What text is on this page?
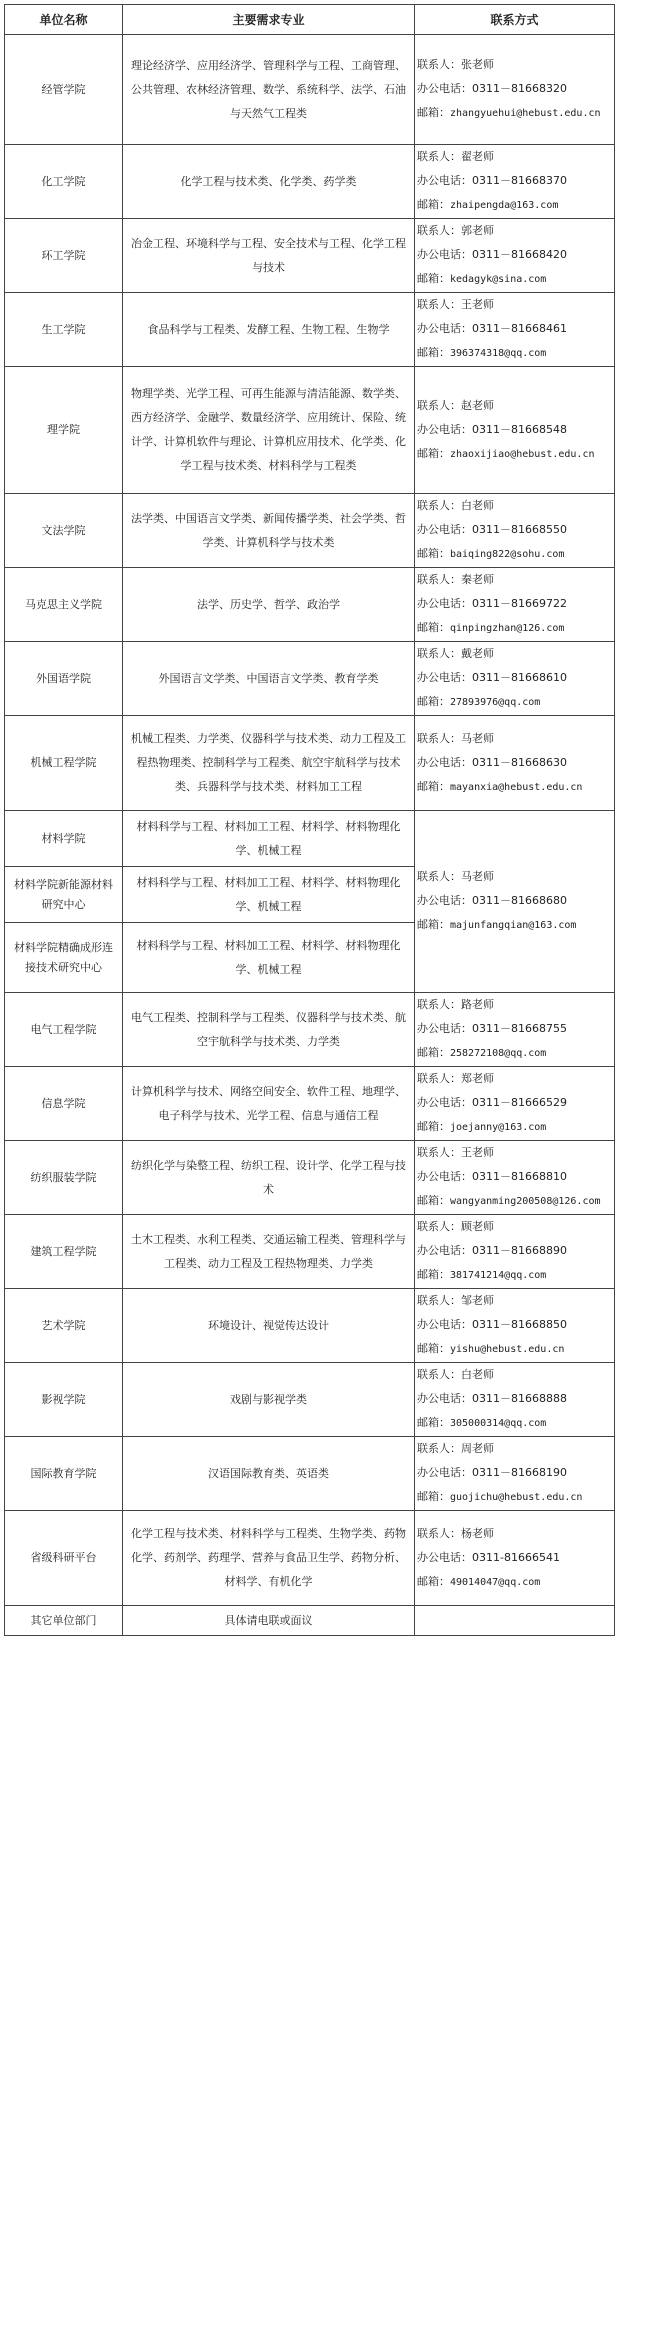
单位名称	主要需求专业	联系方式
经管学院	理论经济学、应用经济学、管理科学与工程、工商管理、公共管理、农林经济管理、数学、系统科学、法学、石油与天然气工程类	联系人：张老师
办公电话：0311－81668320
邮箱：zhangyuehui@hebust.edu.cn

化工学院	化学工程与技术类、化学类、药学类	联系人：翟老师
办公电话：0311－81668370
邮箱：zhaipengda@163.com

环工学院	冶金工程、环境科学与工程、安全技术与工程、化学工程与技术	联系人：郭老师
办公电话：0311－81668420
邮箱：kedagyk@sina.com

生工学院	食品科学与工程类、发酵工程、生物工程、生物学	联系人：王老师
办公电话：0311－81668461
邮箱：396374318@qq.com

理学院	物理学类、光学工程、可再生能源与清洁能源、数学类、西方经济学、金融学、数量经济学、应用统计、保险、统计学、计算机软件与理论、计算机应用技术、化学类、化学工程与技术类、材料科学与工程类	联系人：赵老师
办公电话：0311－81668548
邮箱：zhaoxijiao@hebust.edu.cn

文法学院	法学类、中国语言文学类、新闻传播学类、社会学类、哲学类、计算机科学与技术类	联系人：白老师
办公电话：0311－81668550
邮箱：baiqing822@sohu.com

马克思主义学院	法学、历史学、哲学、政治学	联系人：秦老师
办公电话：0311－81669722
邮箱：qinpingzhan@126.com

外国语学院	外国语言文学类、中国语言文学类、教育学类	联系人：戴老师
办公电话：0311－81668610
邮箱：27893976@qq.com

机械工程学院	机械工程类、力学类、仪器科学与技术类、动力工程及工程热物理类、控制科学与工程类、航空宇航科学与技术类、兵器科学与技术类、材料加工工程	联系人：马老师
办公电话：0311－81668630
邮箱：mayanxia@hebust.edu.cn

材料学院	材料科学与工程、材料加工工程、材料学、材料物理化学、机械工程	联系人：马老师
办公电话：0311－81668680
邮箱：majunfangqian@163.com

材料学院新能源材料研究中心	材料科学与工程、材料加工工程、材料学、材料物理化学、机械工程	
材料学院精确成形连接技术研究中心	材料科学与工程、材料加工工程、材料学、材料物理化学、机械工程	
电气工程学院	电气工程类、控制科学与工程类、仪器科学与技术类、航空宇航科学与技术类、力学类	联系人：路老师
办公电话：0311－81668755
邮箱：258272108@qq.com

信息学院	计算机科学与技术、网络空间安全、软件工程、地理学、电子科学与技术、光学工程、信息与通信工程	联系人：郑老师
办公电话：0311－81666529
邮箱：joejanny@163.com

纺织服装学院	纺织化学与染整工程、纺织工程、设计学、化学工程与技术	联系人：王老师
办公电话：0311－81668810
邮箱：wangyanming200508@126.com

建筑工程学院	土木工程类、水利工程类、交通运输工程类、管理科学与工程类、动力工程及工程热物理类、力学类	联系人：顾老师
办公电话：0311－81668890
邮箱：381741214@qq.com

艺术学院	环境设计、视觉传达设计	联系人：邹老师
办公电话：0311－81668850
邮箱：yishu@hebust.edu.cn

影视学院	戏剧与影视学类	联系人：白老师
办公电话：0311－81668888
邮箱：305000314@qq.com

国际教育学院	汉语国际教育类、英语类	联系人：周老师
办公电话：0311－81668190
邮箱：guojichu@hebust.edu.cn

省级科研平台	化学工程与技术类、材料科学与工程类、生物学类、药物化学、药剂学、药理学、营养与食品卫生学、药物分析、材料学、有机化学	联系人：杨老师
办公电话：0311-81666541
邮箱：49014047@qq.com

其它单位部门	具体请电联或面议	
